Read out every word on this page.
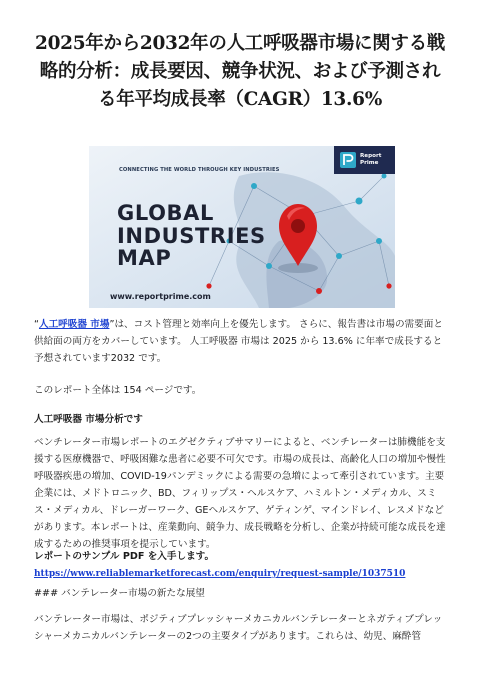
2025年から2032年の人工呼吸器市場に関する戦略的分析：成長要因、競争状況、および予測される年平均成長率（CAGR）13.6%
CONNECTING THE WORLD THROUGH KEY INDUSTRIES
GLOBAL
INDUSTRIES
MAP
www.reportprime.com
Report
Prime
“人工呼吸器 市場”は、コスト管理と効率向上を優先します。 さらに、報告書は市場の需要面と供給面の両方をカバーしています。 人工呼吸器 市場は 2025 から 13.6% に年率で成長すると予想されています2032 です。
このレポート全体は 154 ページです。
人工呼吸器 市場分析です
ベンチレーター市場レポートのエグゼクティブサマリーによると、ベンチレーターは肺機能を支援する医療機器で、呼吸困難な患者に必要不可欠です。市場の成長は、高齢化人口の増加や慢性呼吸器疾患の増加、COVID-19パンデミックによる需要の急増によって牽引されています。主要企業には、メドトロニック、BD、フィリップス・ヘルスケア、ハミルトン・メディカル、スミス・メディカル、ドレーガーワーク、GEヘルスケア、ゲティンゲ、マインドレイ、レスメドなどがあります。本レポートは、産業動向、競争力、成長戦略を分析し、企業が持続可能な成長を達成するための推奨事項を提示しています。
レポートのサンプル PDF を入手します。 https://www.reliablemarketforecast.com/enquiry/request-sample/1037510
### バンテレーター市場の新たな展望
バンテレーター市場は、ポジティブプレッシャーメカニカルバンテレーターとネガティブプレッシャーメカニカルバンテレーターの2つの主要タイプがあります。これらは、幼児、麻酔管
